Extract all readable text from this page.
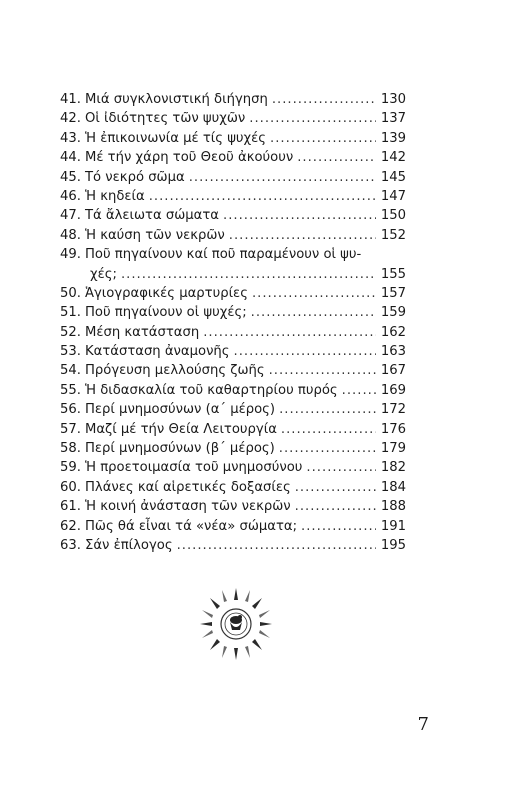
41. Μιά συγκλονιστική διήγηση .....	130
42. Οἱ ἰδιότητες τῶν ψυχῶν .....	137
43. Ἡ ἐπικοινωνία μέ τίς ψυχές .....	139
44. Μέ τήν χάρη τοῦ Θεοῦ ἀκούουν .....	142
45. Τό νεκρό σῶμα .....	145
46. Ἡ κηδεία .....	147
47. Τά ἄλειωτα σώματα .....	150
48. Ἡ καύση τῶν νεκρῶν .....	152
49. Ποῦ πηγαίνουν καί ποῦ παραμένουν οἱ ψυ-
χές; .....	155
50. Ἁγιογραφικές μαρτυρίες .....	157
51. Ποῦ πηγαίνουν οἱ ψυχές; .....	159
52. Μέση κατάσταση .....	162
53. Κατάσταση ἀναμονῆς .....	163
54. Πρόγευση μελλούσης ζωῆς .....	167
55. Ἡ διδασκαλία τοῦ καθαρτηρίου πυρός .....	169
56. Περί μνημοσύνων (α΄ μέρος) .....	172
57. Μαζί μέ τήν Θεία Λειτουργία .....	176
58. Περί μνημοσύνων (β΄ μέρος) .....	179
59. Ἡ προετοιμασία τοῦ μνημοσύνου .....	182
60. Πλάνες καί αἱρετικές δοξασίες .....	184
61. Ἡ κοινή ἀνάσταση τῶν νεκρῶν .....	188
62. Πῶς θά εἶναι τά «νέα» σώματα; .....	191
63. Σάν ἐπίλογος .....	195
7
